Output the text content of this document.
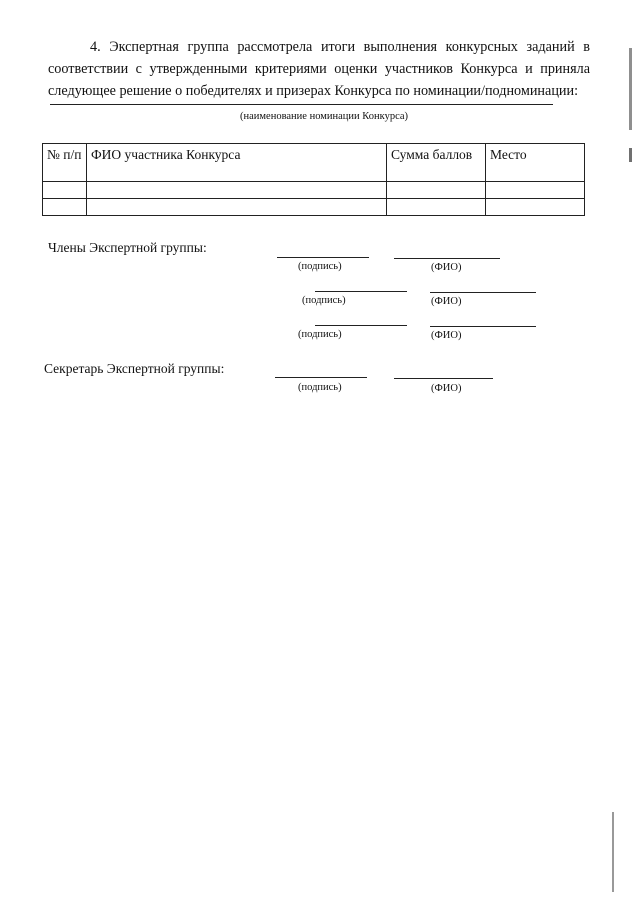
4. Экспертная группа рассмотрела итоги выполнения конкурсных заданий в соответствии с утвержденными критериями оценки участников Конкурса и приняла следующее решение о победителях и призерах Конкурса по номинации/подноминации:
(наименование номинации Конкурса)
№ п/п	ФИО участника Конкурса	Сумма баллов	Место

Члены Экспертной группы:
(подпись)	(ФИО)
(подпись)	(ФИО)
(подпись)	(ФИО)
Секретарь Экспертной группы:
(подпись)	(ФИО)
